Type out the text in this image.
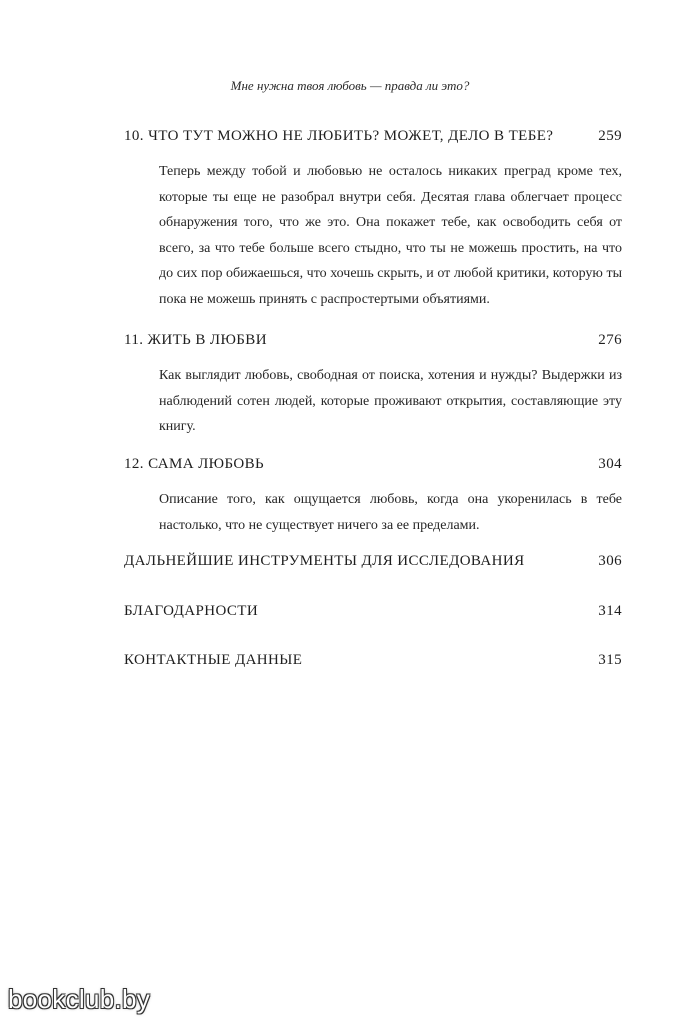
Мне нужна твоя любовь — правда ли это?
10. ЧТО ТУТ МОЖНО НЕ ЛЮБИТЬ? МОЖЕТ, ДЕЛО В ТЕБЕ?	259
Теперь между тобой и любовью не осталось никаких преград кроме тех, которые ты еще не разобрал внутри себя. Десятая глава облегчает процесс обнаружения того, что же это. Она покажет тебе, как освободить себя от всего, за что тебе больше всего стыдно, что ты не можешь простить, на что до сих пор обижаешься, что хочешь скрыть, и от любой критики, которую ты пока не можешь принять с распростертыми объятиями.
11. ЖИТЬ В ЛЮБВИ	276
Как выглядит любовь, свободная от поиска, хотения и нужды? Выдержки из наблюдений сотен людей, которые проживают открытия, составляющие эту книгу.
12. САМА ЛЮБОВЬ	304
Описание того, как ощущается любовь, когда она укоренилась в тебе настолько, что не существует ничего за ее пределами.
ДАЛЬНЕЙШИЕ ИНСТРУМЕНТЫ ДЛЯ ИССЛЕДОВАНИЯ	306
БЛАГОДАРНОСТИ	314
КОНТАКТНЫЕ ДАННЫЕ	315
bookclub.by
